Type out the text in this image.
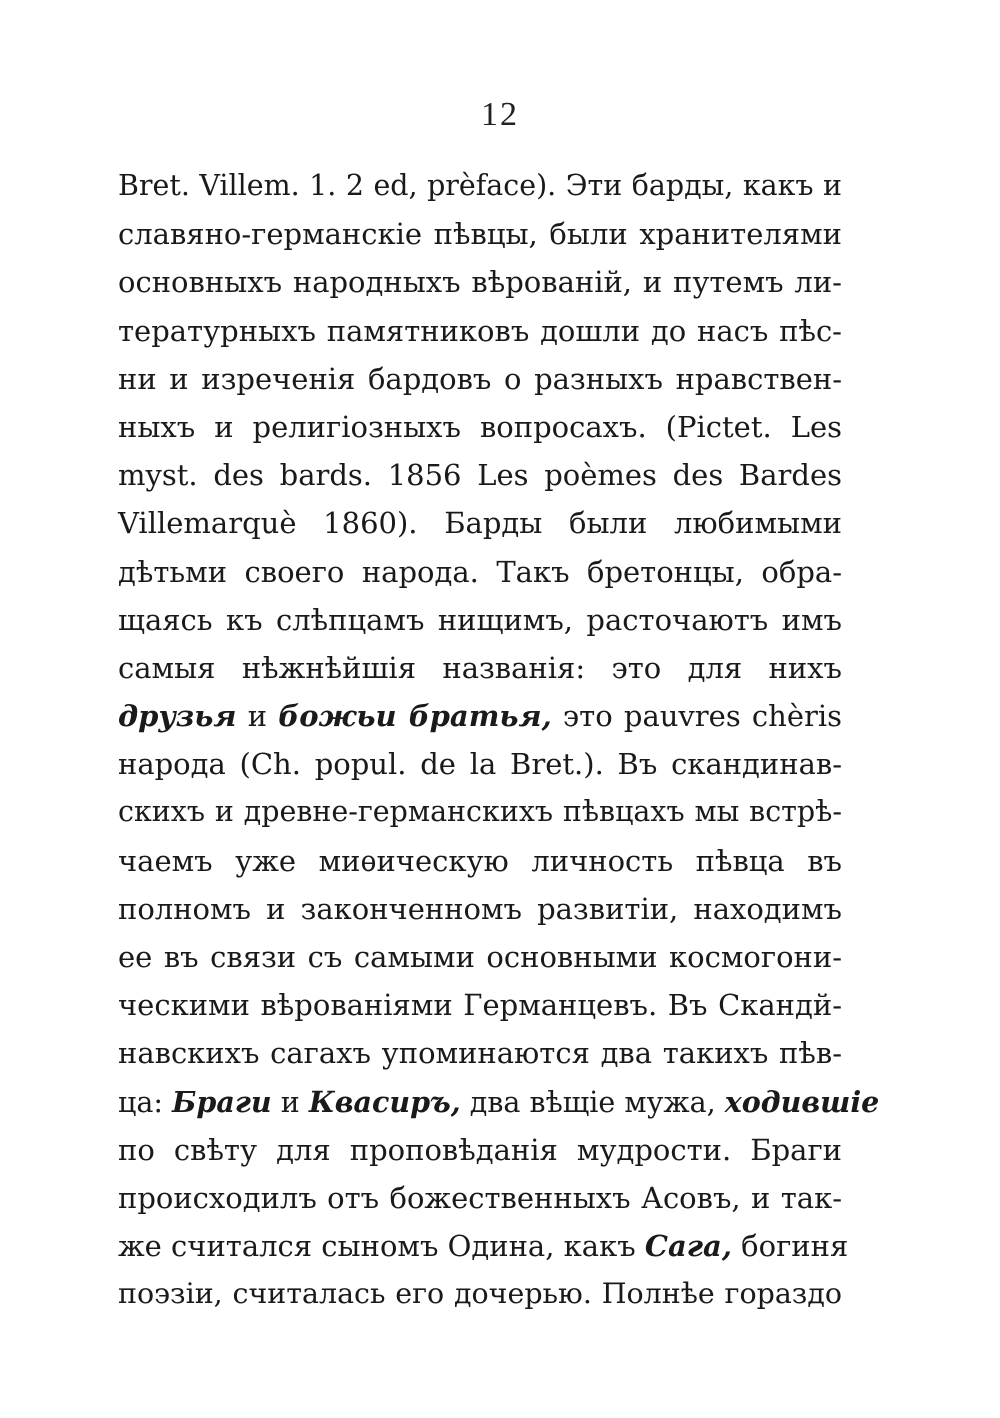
12
Bret. Villem. 1. 2 ed, prèface). Эти барды, какъ и
славяно-германскіе пѣвцы, были хранителями
основныхъ народныхъ вѣрованій, и путемъ ли-
тературныхъ памятниковъ дошли до насъ пѣс-
ни и изреченія бардовъ о разныхъ нравствен-
ныхъ и религіозныхъ вопросахъ. (Pictet. Les
myst. des bards. 1856 Les poèmes des Bardes
Villemarquè 1860). Барды были любимыми
дѣтьми своего народа. Такъ бретонцы, обра-
щаясь къ слѣпцамъ нищимъ, расточаютъ имъ
самыя нѣжнѣйшія названія: это для нихъ
друзья и божьи братья, это pauvres chèris
народа (Ch. popul. de la Bret.). Въ скандинав-
скихъ и древне-германскихъ пѣвцахъ мы встрѣ-
чаемъ уже миѳическую личность пѣвца въ
полномъ и законченномъ развитіи, находимъ
ее въ связи съ самыми основными космогони-
ческими вѣрованіями Германцевъ. Въ Скандй-
навскихъ сагахъ упоминаются два такихъ пѣв-
ца: Браги и Квасиръ, два вѣщіе мужа, ходившіе
по свѣту для проповѣданія мудрости. Браги
происходилъ отъ божественныхъ Асовъ, и так-
же считался сыномъ Одина, какъ Сага, богиня
поэзіи, считалась его дочерью. Полнѣе гораздо
